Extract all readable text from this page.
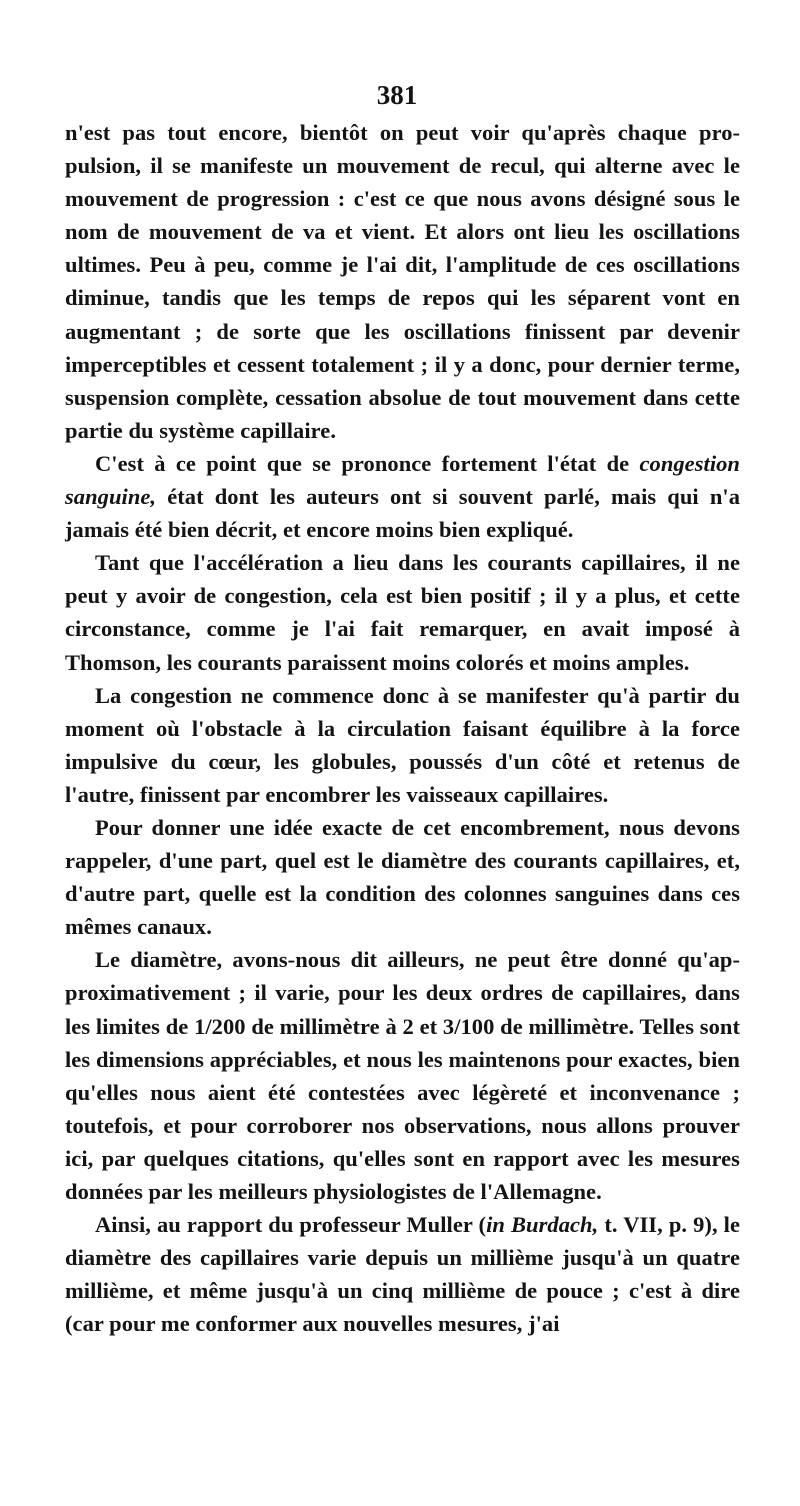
381

n'est pas tout encore, bientôt on peut voir qu'après chaque propulsion, il se manifeste un mouvement de recul, qui alterne avec le mouvement de progression : c'est ce que nous avons désigné sous le nom de mouvement de va et vient. Et alors ont lieu les oscillations ultimes. Peu à peu, comme je l'ai dit, l'amplitude de ces oscillations diminue, tandis que les temps de repos qui les séparent vont en augmentant ; de sorte que les oscillations finissent par devenir imperceptibles et cessent totalement ; il y a donc, pour dernier terme, suspension complète, cessation absolue de tout mouvement dans cette partie du système capillaire.

C'est à ce point que se prononce fortement l'état de congestion sanguine, état dont les auteurs ont si souvent parlé, mais qui n'a jamais été bien décrit, et encore moins bien expliqué.

Tant que l'accélération a lieu dans les courants capillaires, il ne peut y avoir de congestion, cela est bien positif ; il y a plus, et cette circonstance, comme je l'ai fait remarquer, en avait imposé à Thomson, les courants paraissent moins colorés et moins amples.

La congestion ne commence donc à se manifester qu'à partir du moment où l'obstacle à la circulation faisant équilibre à la force impulsive du cœur, les globules, poussés d'un côté et retenus de l'autre, finissent par encombrer les vaisseaux capillaires.

Pour donner une idée exacte de cet encombrement, nous devons rappeler, d'une part, quel est le diamètre des courants capillaires, et, d'autre part, quelle est la condition des colonnes sanguines dans ces mêmes canaux.

Le diamètre, avons-nous dit ailleurs, ne peut être donné qu'approximativement ; il varie, pour les deux ordres de capillaires, dans les limites de 1/200 de millimètre à 2 et 3/100 de millimètre. Telles sont les dimensions appréciables, et nous les maintenons pour exactes, bien qu'elles nous aient été contestées avec légèreté et inconvenance ; toutefois, et pour corroborer nos observations, nous allons prouver ici, par quelques citations, qu'elles sont en rapport avec les mesures données par les meilleurs physiologistes de l'Allemagne.

Ainsi, au rapport du professeur Muller (in Burdach, t. VII, p. 9), le diamètre des capillaires varie depuis un millième jusqu'à un quatre millième, et même jusqu'à un cinq millième de pouce ; c'est à dire (car pour me conformer aux nouvelles mesures, j'ai
